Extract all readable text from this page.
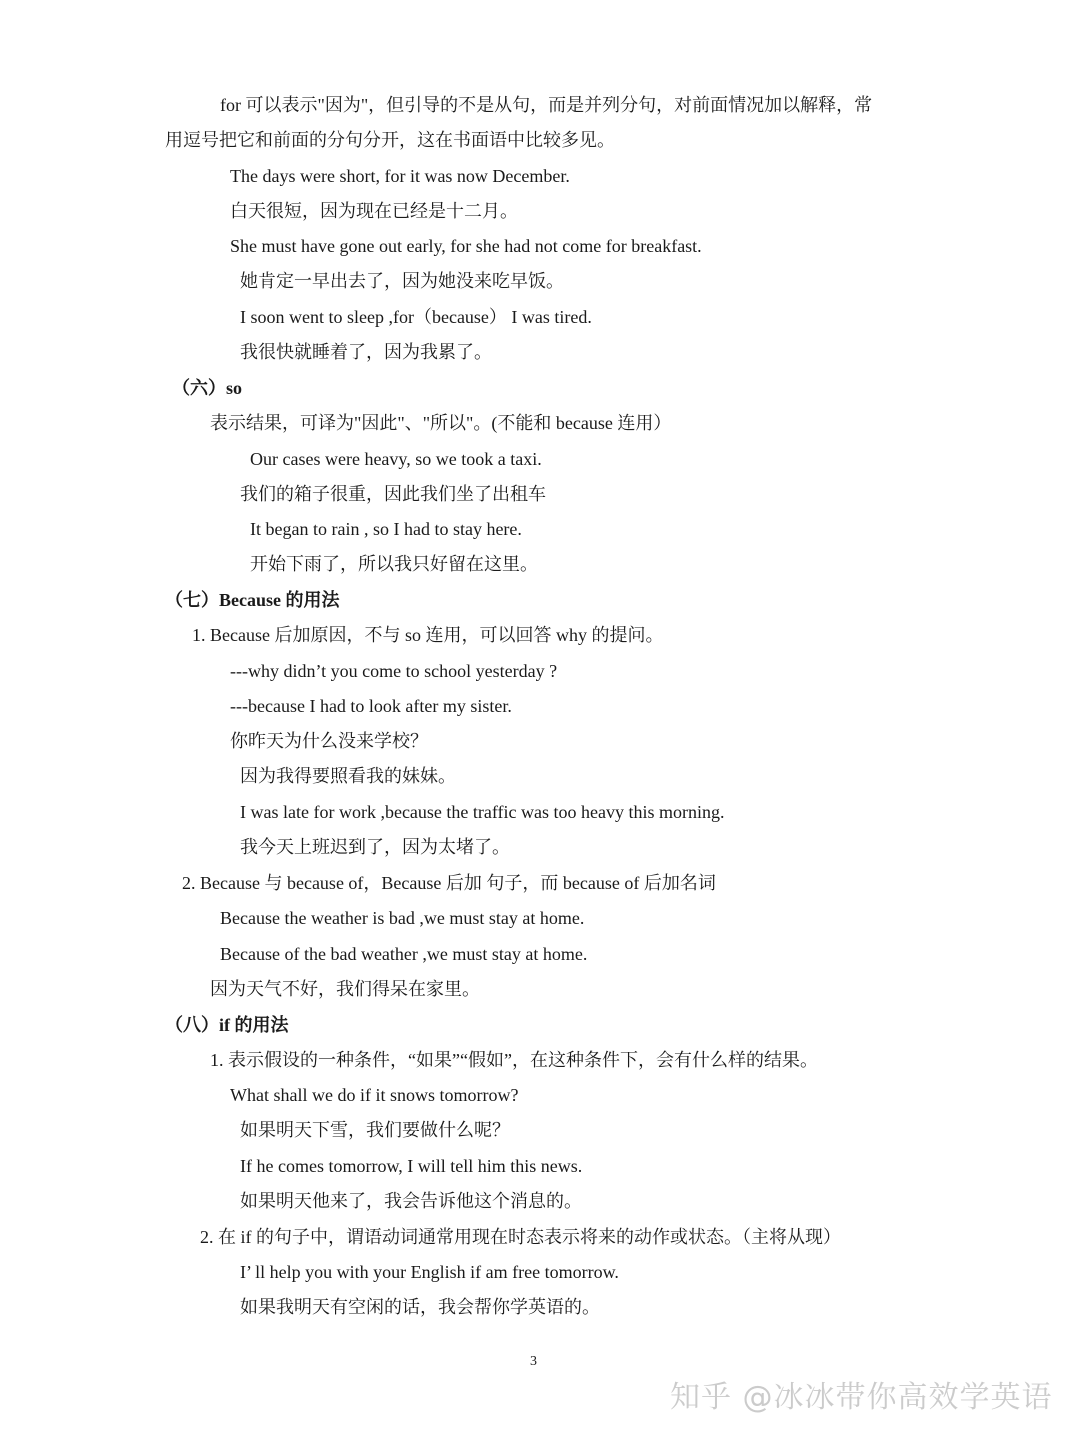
for 可以表示"因为"，但引导的不是从句，而是并列分句，对前面情况加以解释，常
用逗号把它和前面的分句分开，这在书面语中比较多见。
The days were short, for it was now December.
白天很短，因为现在已经是十二月。
She must have gone out early, for she had not come for breakfast.
她肯定一早出去了，因为她没来吃早饭。
I soon went to sleep ,for（because） I was tired.
我很快就睡着了，因为我累了。
（六）so
表示结果，可译为"因此"、"所以"。(不能和 because 连用）
Our cases were heavy, so we took a taxi.
我们的箱子很重，因此我们坐了出租车
It began to rain , so I had to stay here.
开始下雨了，所以我只好留在这里。
（七）Because 的用法
1. Because 后加原因，不与 so 连用，可以回答 why 的提问。
---why didn’t you come to school yesterday ?
---because I had to look after my sister.
你昨天为什么没来学校？
因为我得要照看我的妹妹。
I was late for work ,because the traffic was too heavy this morning.
我今天上班迟到了，因为太堵了。
2. Because 与 because of，Because 后加 句子，而 because of 后加名词
Because the weather is bad ,we must stay at home.
Because of the bad weather ,we must stay at home.
因为天气不好，我们得呆在家里。
（八）if 的用法
1. 表示假设的一种条件，“如果”“假如”，在这种条件下，会有什么样的结果。
What shall we do if it snows tomorrow?
如果明天下雪，我们要做什么呢？
If he comes tomorrow, I will tell him this news.
如果明天他来了，我会告诉他这个消息的。
2. 在 if 的句子中，谓语动词通常用现在时态表示将来的动作或状态。（主将从现）
I’ ll help you with your English if am free tomorrow.
如果我明天有空闲的话，我会帮你学英语的。
3
知乎 @冰冰带你高效学英语
